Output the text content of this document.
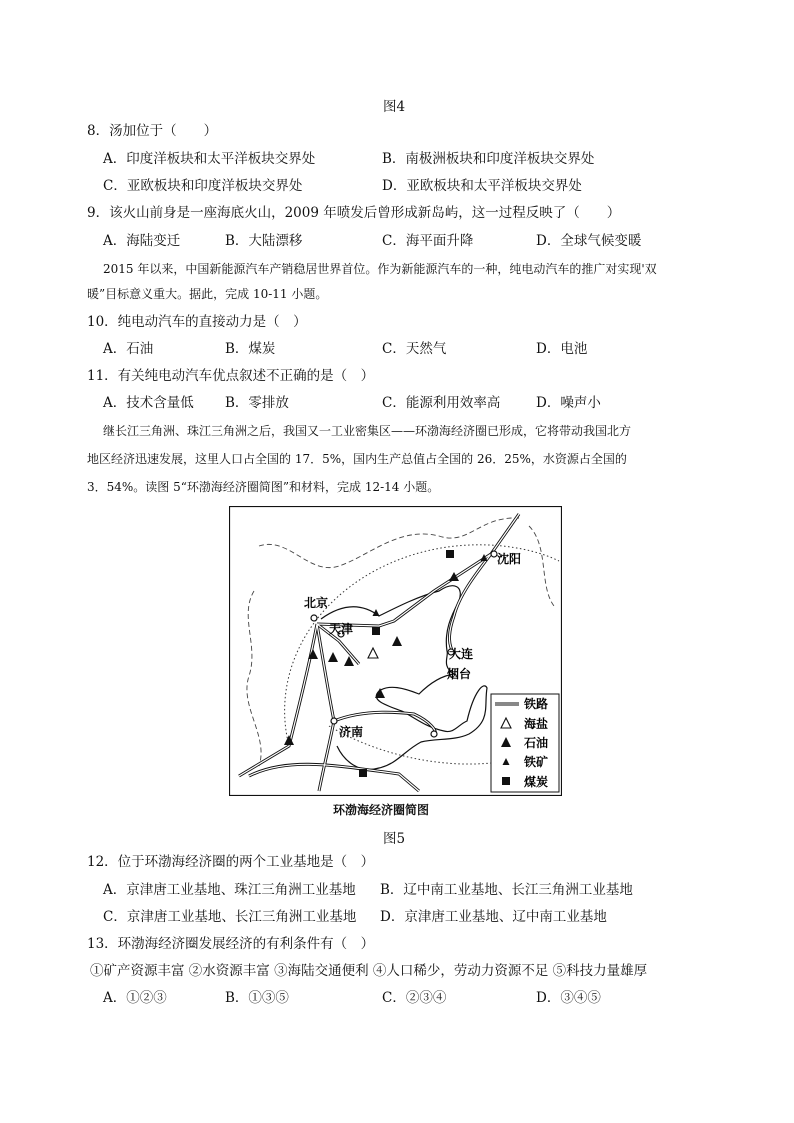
图4
8．汤加位于（　　）
A．印度洋板块和太平洋板块交界处	B．南极洲板块和印度洋板块交界处
C．亚欧板块和印度洋板块交界处	D．亚欧板块和太平洋板块交界处
9．该火山前身是一座海底火山，2009 年喷发后曾形成新岛屿，这一过程反映了（　　）
A．海陆变迁	B．大陆漂移	C．海平面升降	D．全球气候变暖
2015 年以来，中国新能源汽车产销稳居世界首位。作为新能源汽车的一种，纯电动汽车的推广对实现'双
暖”目标意义重大。据此，完成 10-11 小题。
10．纯电动汽车的直接动力是（　）
A．石油	B．煤炭	C．天然气	D．电池
11．有关纯电动汽车优点叙述不正确的是（　）
A．技术含量低 B．零排放	C．能源利用效率高	D．噪声小
继长江三角洲、珠江三角洲之后，我国又一工业密集区——环渤海经济圈已形成，它将带动我国北方
地区经济迅速发展，这里人口占全国的 17．5%，国内生产总值占全国的 26．25%，水资源占全国的
3．54%。读图 5“环渤海经济圈简图”和材料，完成 12-14 小题。
北京
天津
沈阳
大连
烟台
济南
铁路
海盐
石油
铁矿
煤炭
环渤海经济圈简图
图5
12．位于环渤海经济圈的两个工业基地是（　）
A．京津唐工业基地、珠江三角洲工业基地 B．辽中南工业基地、长江三角洲工业基地
C．京津唐工业基地、长江三角洲工业基地 D．京津唐工业基地、辽中南工业基地
13．环渤海经济圈发展经济的有利条件有（　）
①矿产资源丰富 ②水资源丰富 ③海陆交通便利 ④人口稀少，劳动力资源不足 ⑤科技力量雄厚
A．①②③	B．①③⑤	C．②③④	D．③④⑤
